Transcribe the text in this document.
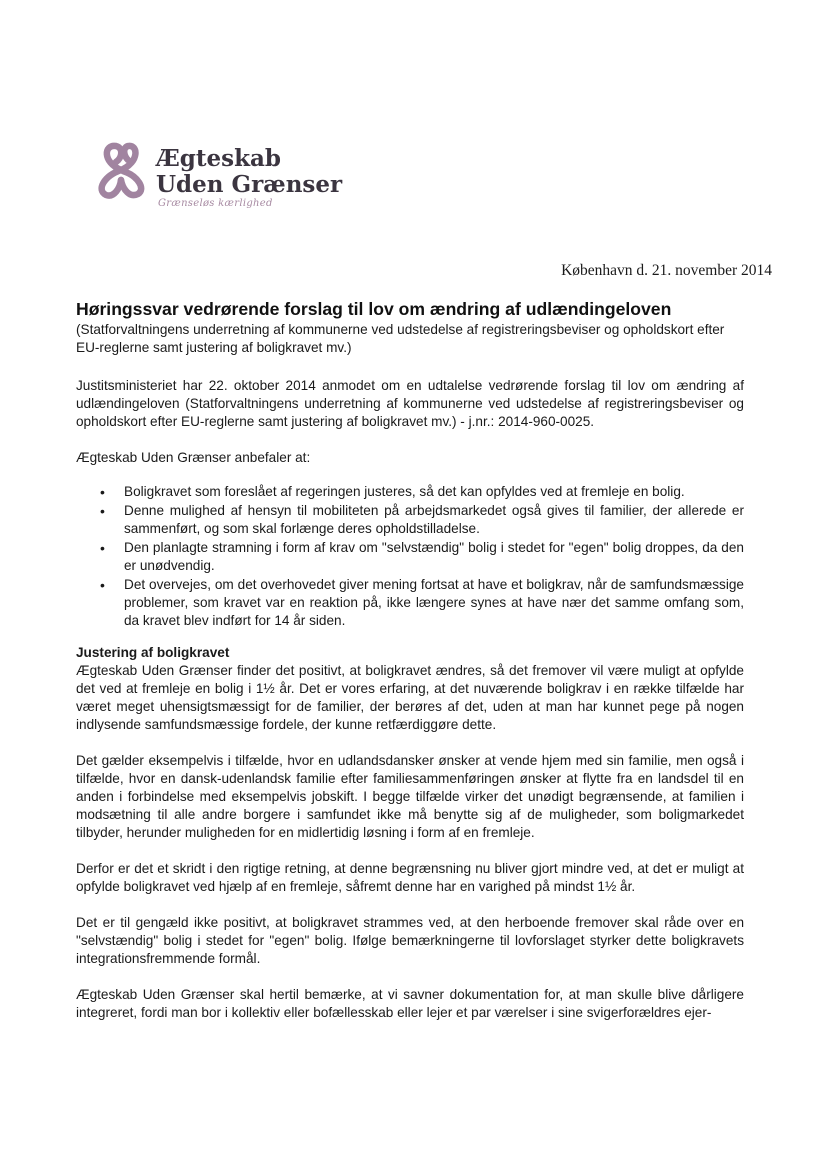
Ægteskab
Uden Grænser
Grænseløs kærlighed
København d. 21. november 2014
Høringssvar vedrørende forslag til lov om ændring af udlændingeloven

(Statforvaltningens underretning af kommunerne ved udstedelse af registreringsbeviser og opholdskort efter EU-reglerne samt justering af boligkravet mv.)

Justitsministeriet har 22. oktober 2014 anmodet om en udtalelse vedrørende forslag til lov om ændring af udlændingeloven (Statforvaltningens underretning af kommunerne ved udstedelse af registreringsbeviser og opholdskort efter EU-reglerne samt justering af boligkravet mv.) - j.nr.: 2014-960-0025.

Ægteskab Uden Grænser anbefaler at:

• Boligkravet som foreslået af regeringen justeres, så det kan opfyldes ved at fremleje en bolig.
• Denne mulighed af hensyn til mobiliteten på arbejdsmarkedet også gives til familier, der allerede er sammenført, og som skal forlænge deres opholdstilladelse.
• Den planlagte stramning i form af krav om "selvstændig" bolig i stedet for "egen" bolig droppes, da den er unødvendig.
• Det overvejes, om det overhovedet giver mening fortsat at have et boligkrav, når de samfundsmæssige problemer, som kravet var en reaktion på, ikke længere synes at have nær det samme omfang som, da kravet blev indført for 14 år siden.
Justering af boligkravet

Ægteskab Uden Grænser finder det positivt, at boligkravet ændres, så det fremover vil være muligt at opfylde det ved at fremleje en bolig i 1½ år. Det er vores erfaring, at det nuværende boligkrav i en række tilfælde har været meget uhensigtsmæssigt for de familier, der berøres af det, uden at man har kunnet pege på nogen indlysende samfundsmæssige fordele, der kunne retfærdiggøre dette.

Det gælder eksempelvis i tilfælde, hvor en udlandsdansker ønsker at vende hjem med sin familie, men også i tilfælde, hvor en dansk-udenlandsk familie efter familiesammenføringen ønsker at flytte fra en landsdel til en anden i forbindelse med eksempelvis jobskift. I begge tilfælde virker det unødigt begrænsende, at familien i modsætning til alle andre borgere i samfundet ikke må benytte sig af de muligheder, som boligmarkedet tilbyder, herunder muligheden for en midlertidig løsning i form af en fremleje.

Derfor er det et skridt i den rigtige retning, at denne begrænsning nu bliver gjort mindre ved, at det er muligt at opfylde boligkravet ved hjælp af en fremleje, såfremt denne har en varighed på mindst 1½ år.

Det er til gengæld ikke positivt, at boligkravet strammes ved, at den herboende fremover skal råde over en "selvstændig" bolig i stedet for "egen" bolig. Ifølge bemærkningerne til lovforslaget styrker dette boligkravets integrationsfremmende formål.

Ægteskab Uden Grænser skal hertil bemærke, at vi savner dokumentation for, at man skulle blive dårligere integreret, fordi man bor i kollektiv eller bofællesskab eller lejer et par værelser i sine svigerforældres ejer-
